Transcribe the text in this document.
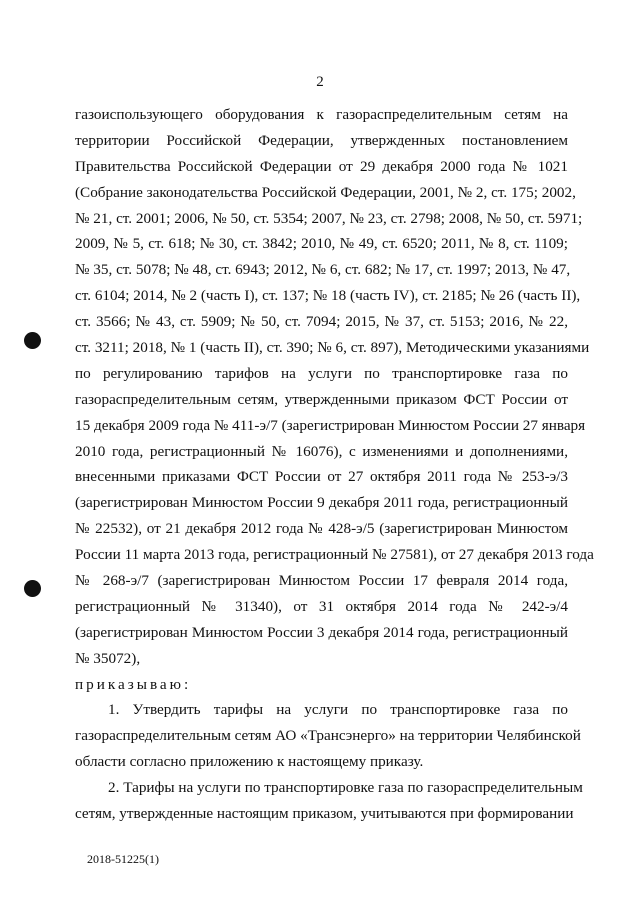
2
газоиспользующего оборудования к газораспределительным сетям на
территории Российской Федерации, утвержденных постановлением
Правительства Российской Федерации от 29 декабря 2000 года № 1021
(Собрание законодательства Российской Федерации, 2001, № 2, ст. 175; 2002,
№ 21, ст. 2001; 2006, № 50, ст. 5354; 2007, № 23, ст. 2798; 2008, № 50, ст. 5971;
2009, № 5, ст. 618; № 30, ст. 3842; 2010, № 49, ст. 6520; 2011, № 8, ст. 1109;
№ 35, ст. 5078; № 48, ст. 6943; 2012, № 6, ст. 682; № 17, ст. 1997; 2013, № 47,
ст. 6104; 2014, № 2 (часть I), ст. 137; № 18 (часть IV), ст. 2185; № 26 (часть II),
ст. 3566; № 43, ст. 5909; № 50, ст. 7094; 2015, № 37, ст. 5153; 2016, № 22,
ст. 3211; 2018, № 1 (часть II), ст. 390; № 6, ст. 897), Методическими указаниями
по регулированию тарифов на услуги по транспортировке газа по
газораспределительным сетям, утвержденными приказом ФСТ России от
15 декабря 2009 года № 411-э/7 (зарегистрирован Минюстом России 27 января
2010 года, регистрационный № 16076), с изменениями и дополнениями,
внесенными приказами ФСТ России от 27 октября 2011 года № 253-э/3
(зарегистрирован Минюстом России 9 декабря 2011 года, регистрационный
№ 22532), от 21 декабря 2012 года № 428-э/5 (зарегистрирован Минюстом
России 11 марта 2013 года, регистрационный № 27581), от 27 декабря 2013 года
№ 268-э/7 (зарегистрирован Минюстом России 17 февраля 2014 года,
регистрационный № 31340), от 31 октября 2014 года № 242-э/4
(зарегистрирован Минюстом России 3 декабря 2014 года, регистрационный
№ 35072),
приказываю:
1. Утвердить тарифы на услуги по транспортировке газа по
газораспределительным сетям АО «Трансэнерго» на территории Челябинской
области согласно приложению к настоящему приказу.
2. Тарифы на услуги по транспортировке газа по газораспределительным
сетям, утвержденные настоящим приказом, учитываются при формировании
2018-51225(1)
